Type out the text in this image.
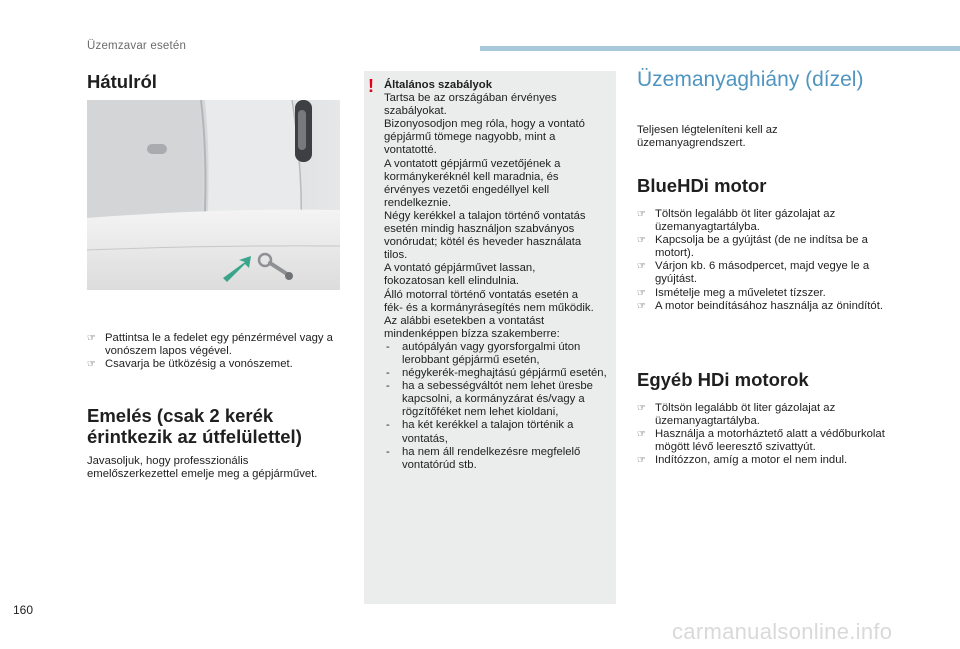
Üzemzavar esetén
Hátulról
☞ Pattintsa le a fedelet egy pénzérmével vagy a vonószem lapos végével.
☞ Csavarja be ütközésig a vonószemet.
Emelés (csak 2 kerék
érintkezik az útfelülettel)
Javasoljuk, hogy professzionális
emelőszerkezettel emelje meg a gépjárművet.
! Általános szabályok
Tartsa be az országában érvényes
szabályokat.
Bizonyosodjon meg róla, hogy a vontató
gépjármű tömege nagyobb, mint a
vontatotté.
A vontatott gépjármű vezetőjének a
kormánykeréknél kell maradnia, és
érvényes vezetői engedéllyel kell
rendelkeznie.
Négy kerékkel a talajon történő vontatás
esetén mindig használjon szabványos
vonórudat; kötél és heveder használata
tilos.
A vontató gépjárművet lassan,
fokozatosan kell elindulnia.
Álló motorral történő vontatás esetén a
fék- és a kormányrásegítés nem működik.
Az alábbi esetekben a vontatást
mindenképpen bízza szakemberre:
- autópályán vagy gyorsforgalmi úton lerobbant gépjármű esetén,
- négykerék-meghajtású gépjármű esetén,
- ha a sebességváltót nem lehet üresbe kapcsolni, a kormányzárat és/vagy a rögzítőféket nem lehet kioldani,
- ha két kerékkel a talajon történik a vontatás,
- ha nem áll rendelkezésre megfelelő vontatórúd stb.
Üzemanyaghiány (dízel)
Teljesen légteleníteni kell az
üzemanyagrendszert.
BlueHDi motor
☞ Töltsön legalább öt liter gázolajat az üzemanyagtartályba.
☞ Kapcsolja be a gyújtást (de ne indítsa be a motort).
☞ Várjon kb. 6 másodpercet, majd vegye le a gyújtást.
☞ Ismételje meg a műveletet tízszer.
☞ A motor beindításához használja az önindítót.
Egyéb HDi motorok
☞ Töltsön legalább öt liter gázolajat az üzemanyagtartályba.
☞ Használja a motorháztető alatt a védőburkolat mögött lévő leeresztő szivattyút.
☞ Indítózzon, amíg a motor el nem indul.
160
carmanualsonline.info
